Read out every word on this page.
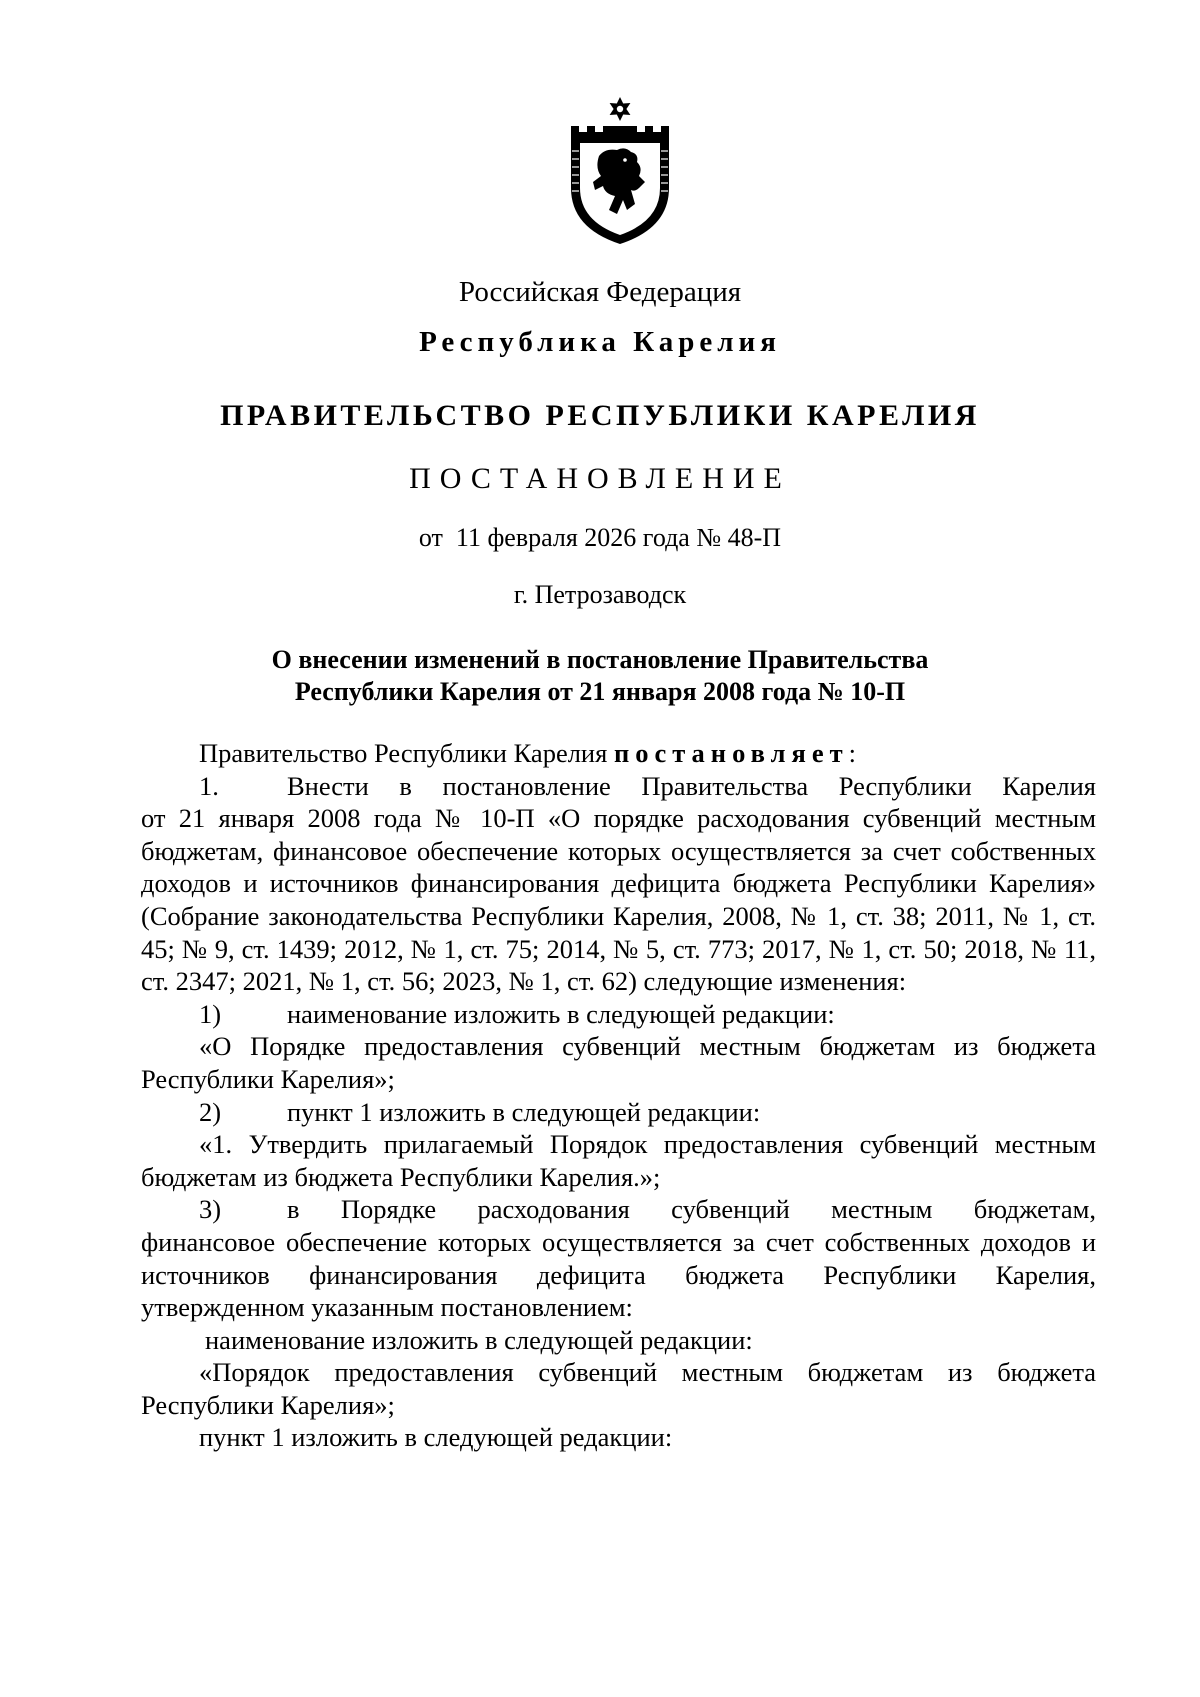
Российская Федерация
Республика Карелия
ПРАВИТЕЛЬСТВО РЕСПУБЛИКИ КАРЕЛИЯ
ПОСТАНОВЛЕНИЕ
от  11 февраля 2026 года № 48-П
г. Петрозаводск
О внесении изменений в постановление Правительства
Республики Карелия от 21 января 2008 года № 10-П

Правительство Республики Карелия постановляет:

1.	Внести в постановление Правительства Республики Карелия

от 21 января 2008 года № 10-П «О порядке расходования субвенций местным бюджетам, финансовое обеспечение которых осуществляется за счет собственных доходов и источников финансирования дефицита бюджета Республики Карелия» (Собрание законодательства Республики Карелия, 2008, № 1, ст. 38; 2011, № 1, ст. 45; № 9, ст. 1439; 2012, № 1, ст. 75; 2014, № 5, ст. 773; 2017, № 1, ст. 50; 2018, № 11, ст. 2347; 2021, № 1, ст. 56; 2023, № 1, ст. 62) следующие изменения:

1)	наименование изложить в следующей редакции:

«О Порядке предоставления субвенций местным бюджетам из бюджета Республики Карелия»;

2)	пункт 1 изложить в следующей редакции:

«1. Утвердить прилагаемый Порядок предоставления субвенций местным бюджетам из бюджета Республики Карелия.»;

3)	в Порядке расходования субвенций местным бюджетам,

финансовое обеспечение которых осуществляется за счет собственных доходов и источников финансирования дефицита бюджета Республики Карелия, утвержденном указанным постановлением:

наименование изложить в следующей редакции:

«Порядок предоставления субвенций местным бюджетам из бюджета Республики Карелия»;

пункт 1 изложить в следующей редакции:
